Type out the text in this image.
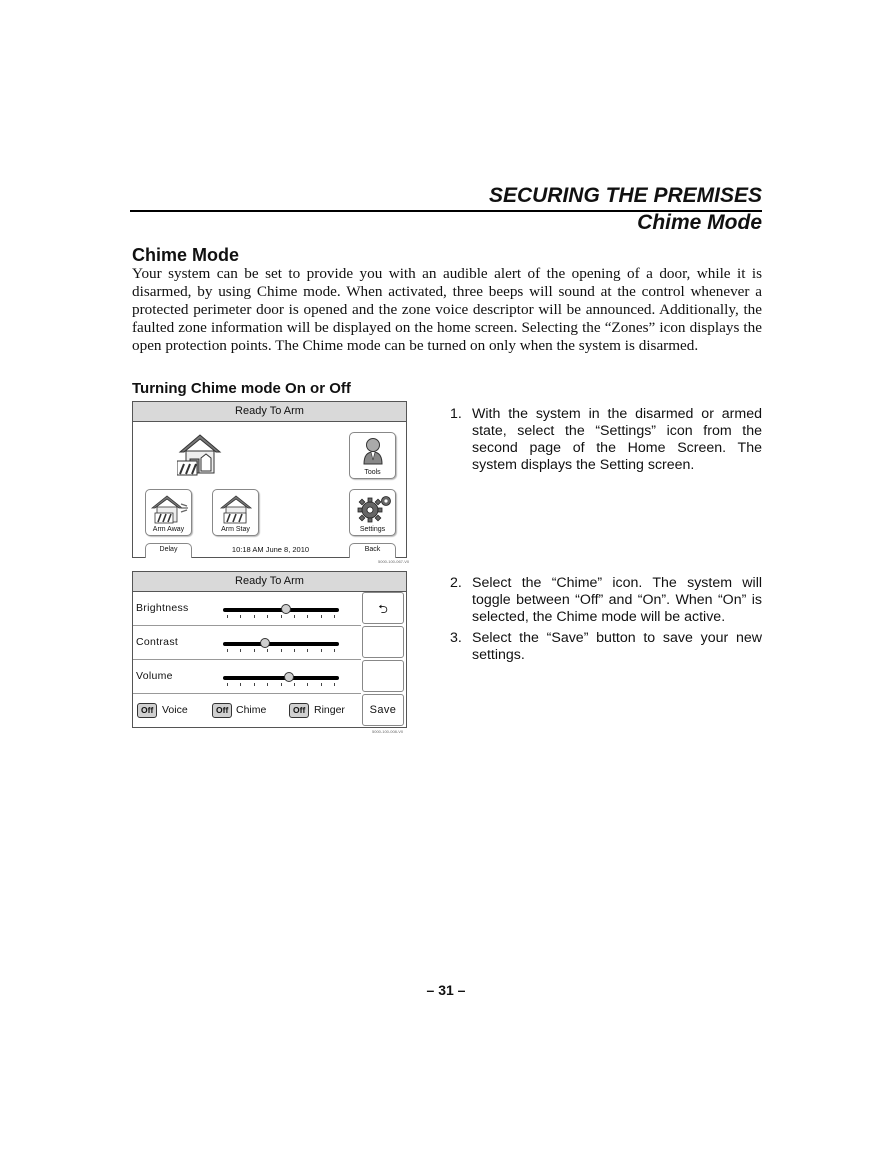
SECURING THE PREMISES
Chime Mode
Chime Mode

Your system can be set to provide you with an audible alert of the opening of a door, while it is disarmed, by using Chime mode. When activated, three beeps will sound at the control whenever a protected perimeter door is opened and the zone voice descriptor will be announced. Additionally, the faulted zone information will be displayed on the home screen. Selecting the “Zones” icon displays the open protection points. The Chime mode can be turned on only when the system is disarmed.

Turning Chime mode On or Off
Ready To Arm
Tools
Arm Away	Arm Stay	Settings
Delay	10:18 AM June 8, 2010	Back
5000-100-067-V0
Ready To Arm
Brightness
Contrast
Volume
Off Voice	Off Chime	Off Ringer
⮌
Save
5000-100-008-V0
1. With the system in the disarmed or armed state, select the “Settings” icon from the second page of the Home Screen. The system displays the Setting screen.
2. Select the “Chime” icon. The system will toggle between “Off” and “On”. When “On” is selected, the Chime mode will be active.
3. Select the “Save” button to save your new settings.
– 31 –
